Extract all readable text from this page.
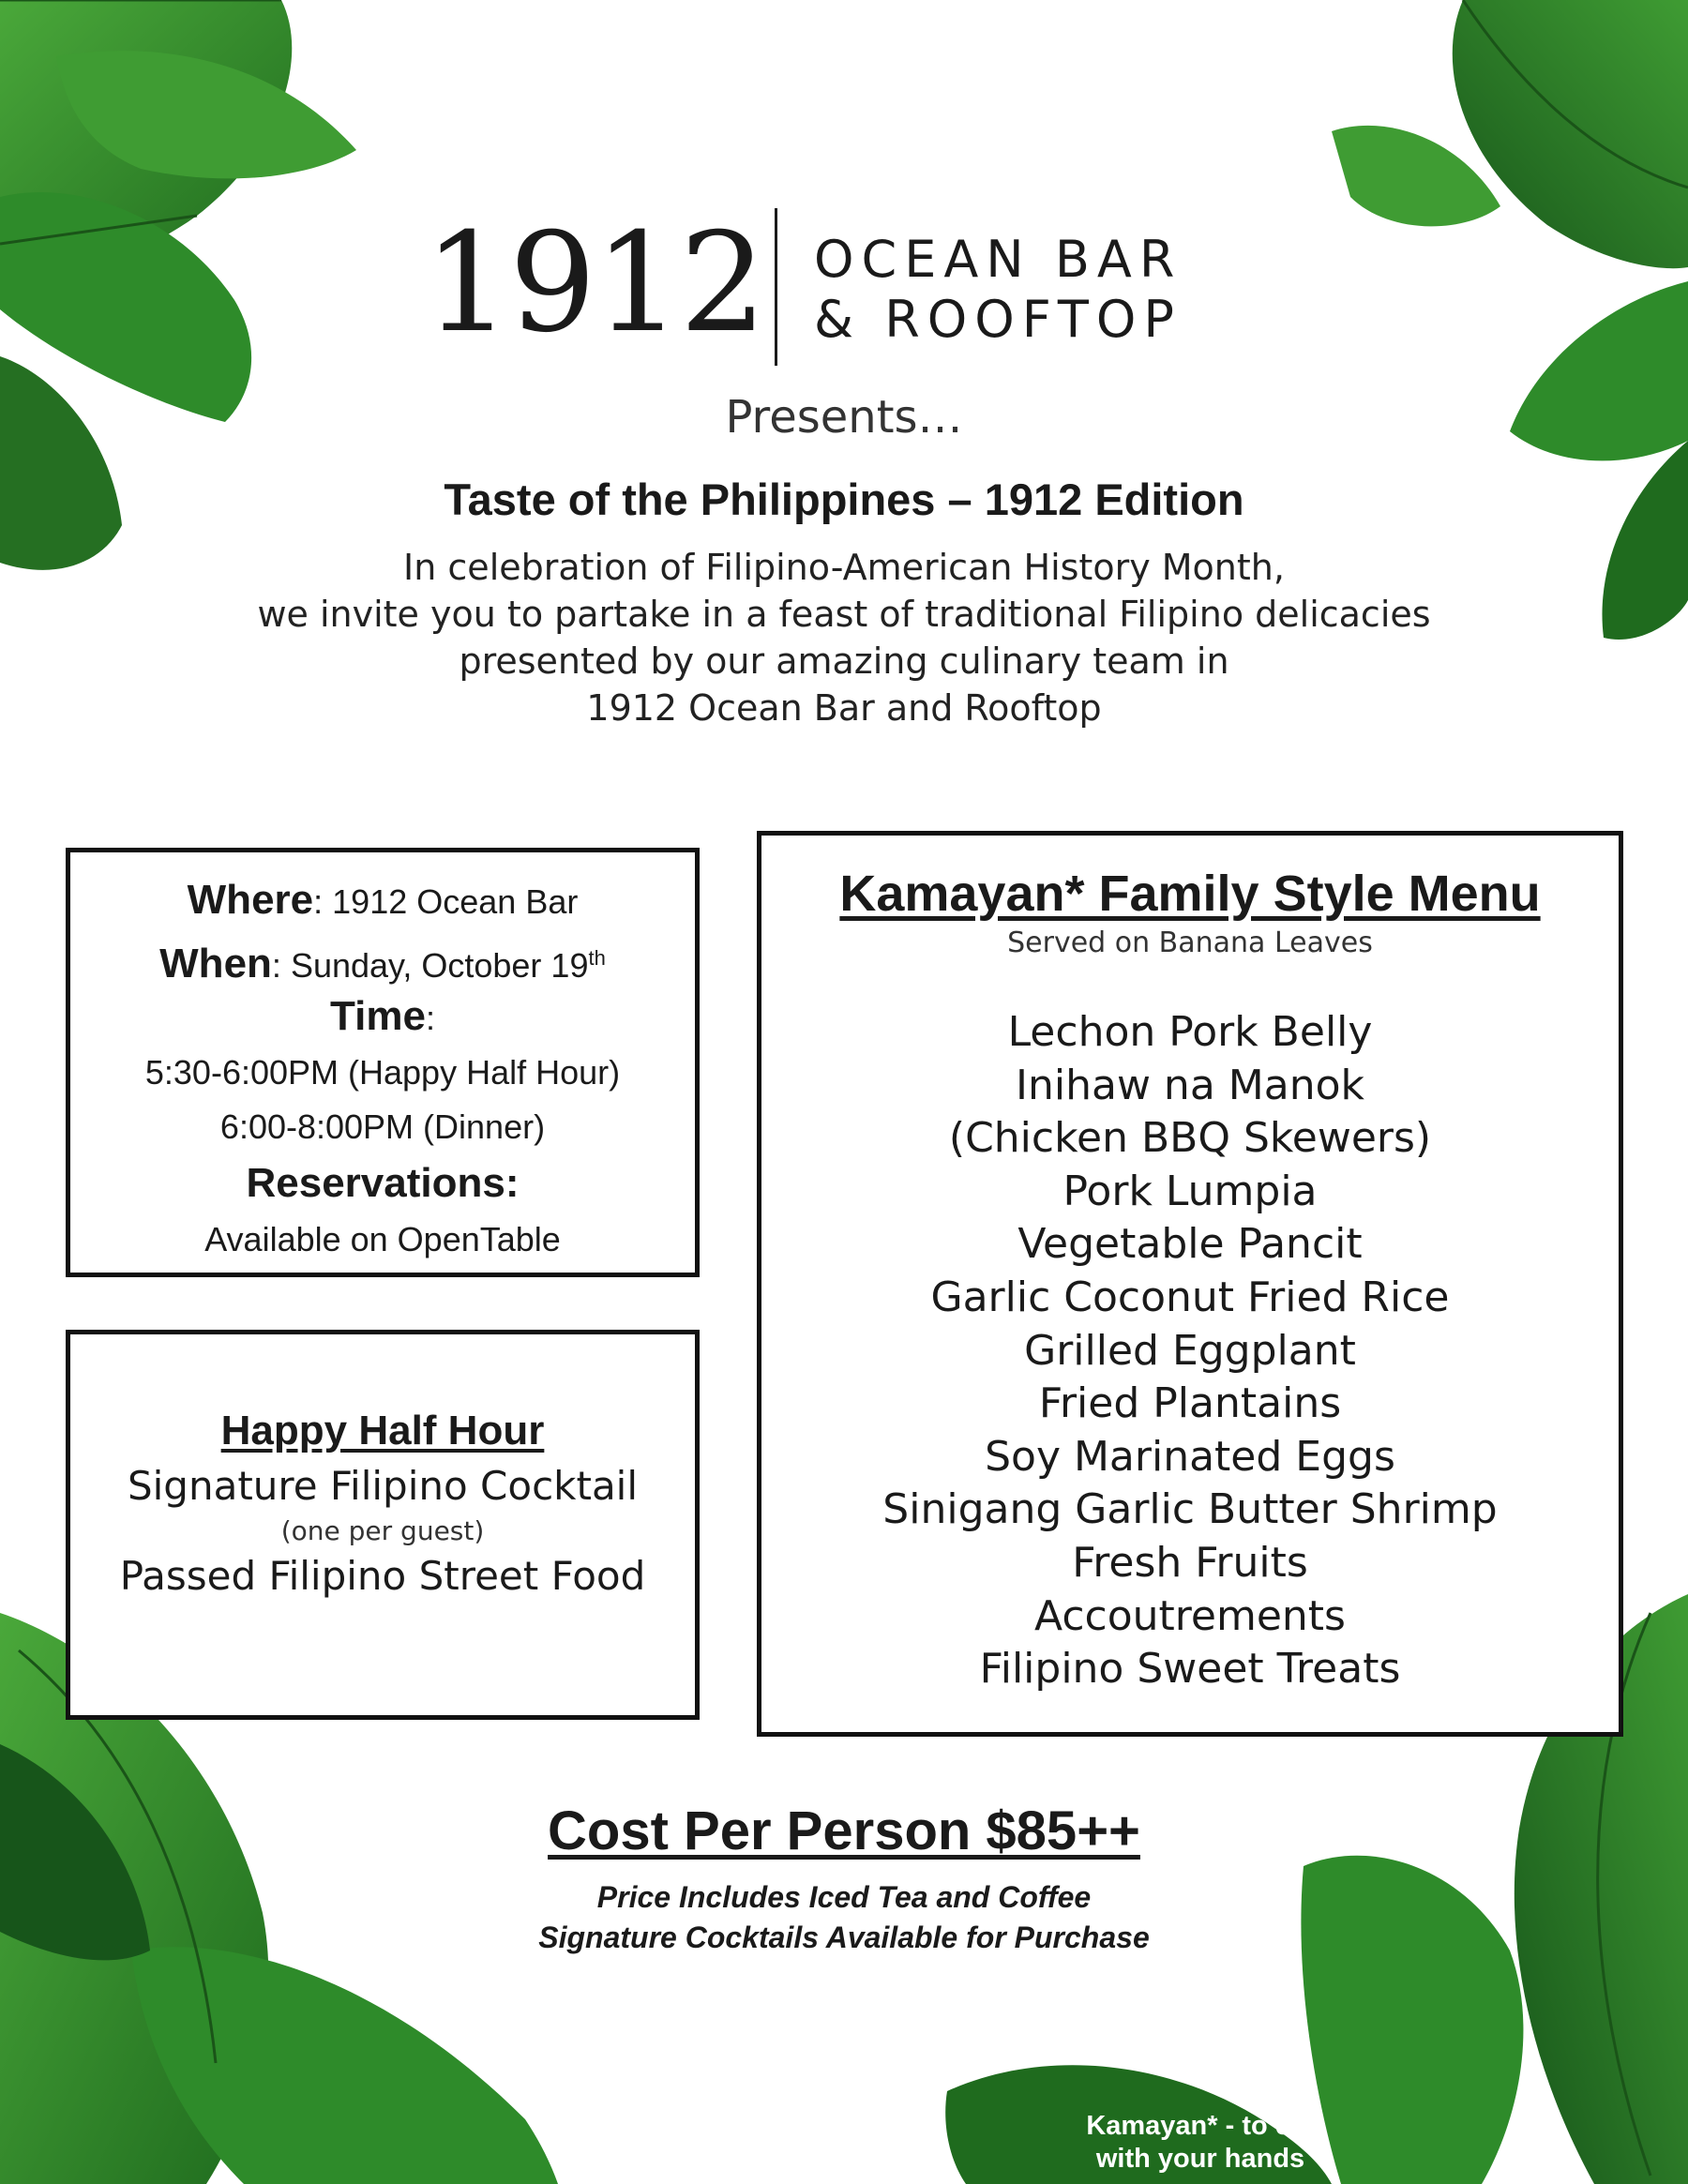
1912 OCEAN BAR
& ROOFTOP
Presents…
Taste of the Philippines – 1912 Edition
In celebration of Filipino-American History Month,
we invite you to partake in a feast of traditional Filipino delicacies
presented by our amazing culinary team in
1912 Ocean Bar and Rooftop
Where: 1912 Ocean Bar
When: Sunday, October 19th
Time:
5:30-6:00PM (Happy Half Hour)
6:00-8:00PM (Dinner)
Reservations:
Available on OpenTable
Happy Half Hour
Signature Filipino Cocktail
(one per guest)
Passed Filipino Street Food
Kamayan* Family Style Menu
Served on Banana Leaves
Lechon Pork Belly
Inihaw na Manok
(Chicken BBQ Skewers)
Pork Lumpia
Vegetable Pancit
Garlic Coconut Fried Rice
Grilled Eggplant
Fried Plantains
Soy Marinated Eggs
Sinigang Garlic Butter Shrimp
Fresh Fruits
Accoutrements
Filipino Sweet Treats
Cost Per Person $85++
Price Includes Iced Tea and Coffee
Signature Cocktails Available for Purchase
Kamayan* - to eat
with your hands
